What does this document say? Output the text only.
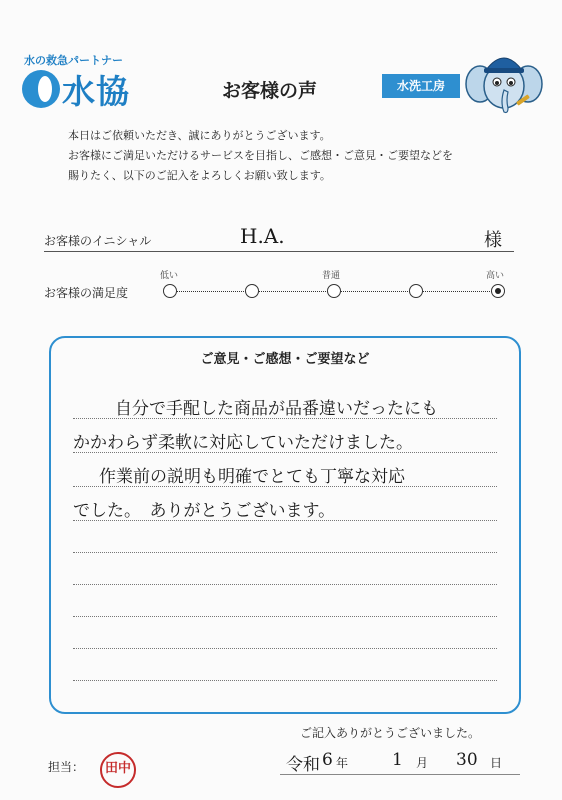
水の救急パートナー
水協	お客様の声	水洗工房
本日はご依頼いただき、誠にありがとうございます。
お客様にご満足いただけるサービスを目指し、ご感想・ご意見・ご要望などを
賜りたく、以下のご記入をよろしくお願い致します。
お客様のイニシャル	H.A.	様
お客様の満足度
低い	普通	高い
ご意見・ご感想・ご要望など
自分で手配した商品が品番違いだったにも
かかわらず柔軟に対応していただけました。
作業前の説明も明確でとても丁寧な対応
でした。　ありがとうございます。
ご記入ありがとうございました。
担当：	田中	令和 6 年	1 月 30 日
